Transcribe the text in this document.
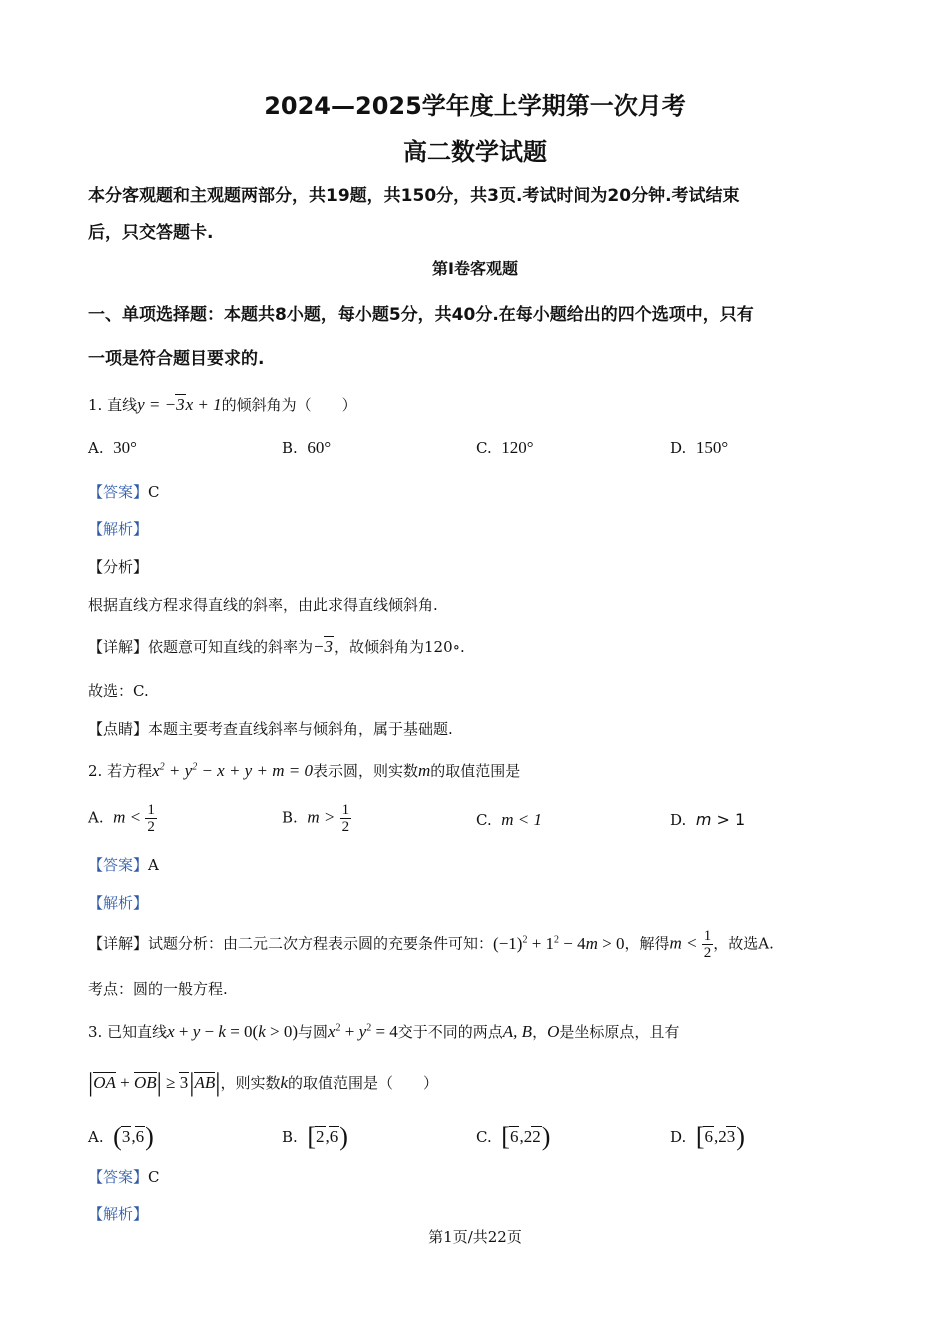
2024—2025学年度上学期第一次月考
高二数学试题
本分客观题和主观题两部分，共19题，共150分，共3页.考试时间为20分钟.考试结束
后，只交答题卡.
第I卷客观题
一、单项选择题：本题共8小题，每小题5分，共40分.在每小题给出的四个选项中，只有
一项是符合题目要求的.
1. 直线y = −3x + 1的倾斜角为（　　）
A. 30°	B. 60°	C. 120°	D. 150°
【答案】C
【解析】
【分析】
根据直线方程求得直线的斜率，由此求得直线倾斜角.
【详解】依题意可知直线的斜率为−3，故倾斜角为120∘.
故选：C.
【点睛】本题主要考查直线斜率与倾斜角，属于基础题.
2. 若方程$x^2 + y^2 - x + y + m = 0$表示圆，则实数m的取值范围是
A. $m < \frac{1}{2}$	B. $m > \frac{1}{2}$	C. m < 1	D. m > 1
【答案】A
【解析】
【详解】试题分析：由二元二次方程表示圆的充要条件可知：$(-1)^2 + 1^2 - 4m > 0$，解得$m < \frac{1}{2}$ ，故选A.
考点：圆的一般方程.
3. 已知直线x + y − k = 0(k > 0)与圆$x^2 + y^2 = 4$交于不同的两点A, B，O是坐标原点，且有
|OA + OB| ≥ 3|AB|，则实数k的取值范围是（　　）
A. (3,6)	B. [2,6)	C. [6,22)	D. [6,23)
【答案】C
【解析】
第1页/共22页
